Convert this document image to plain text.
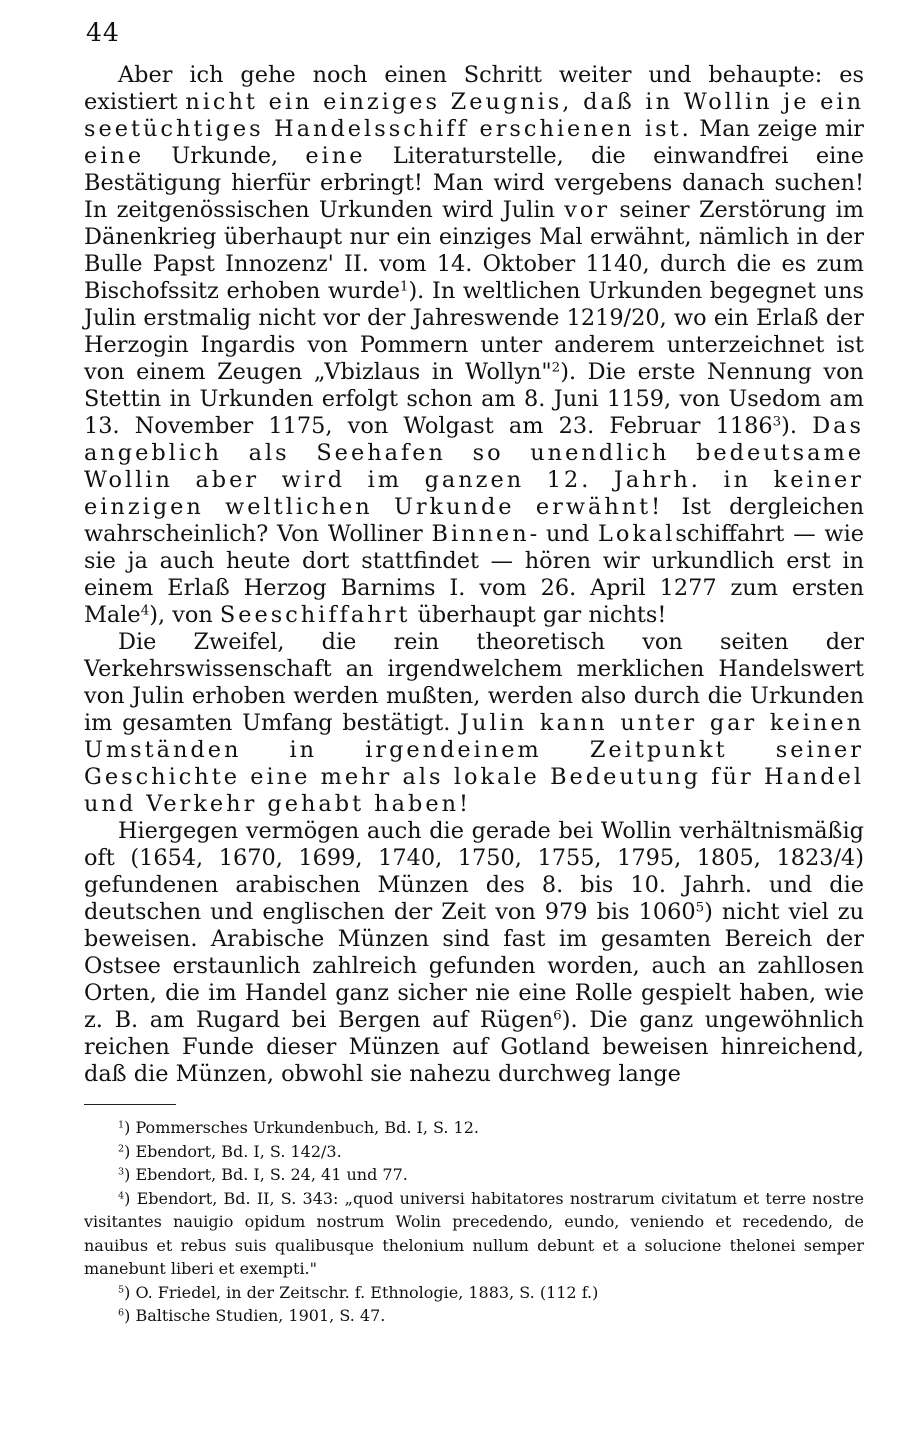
44

Aber ich gehe noch einen Schritt weiter und behaupte: es existiert nicht ein einziges Zeugnis, daß in Wollin je ein seetüchtiges Handelsschiff erschienen ist. Man zeige mir eine Urkunde, eine Literaturstelle, die einwandfrei eine Bestätigung hierfür erbringt! Man wird vergebens danach suchen! In zeitgenössischen Urkunden wird Julin vor seiner Zerstörung im Dänenkrieg überhaupt nur ein einziges Mal erwähnt, nämlich in der Bulle Papst Innozenz' II. vom 14. Oktober 1140, durch die es zum Bischofssitz erhoben wurde$^1$). In weltlichen Urkunden begegnet uns Julin erstmalig nicht vor der Jahreswende 1219/20, wo ein Erlaß der Herzogin Ingardis von Pommern unter anderem unterzeichnet ist von einem Zeugen „Vbizlaus in Wollyn"$^2$). Die erste Nennung von Stettin in Urkunden erfolgt schon am 8. Juni 1159, von Usedom am 13. November 1175, von Wolgast am 23. Februar 1186$^3$). Das angeblich als Seehafen so unendlich bedeutsame Wollin aber wird im ganzen 12. Jahrh. in keiner einzigen weltlichen Urkunde erwähnt! Ist dergleichen wahrscheinlich? Von Wolliner Binnen- und Lokalschiffahrt — wie sie ja auch heute dort stattfindet — hören wir urkundlich erst in einem Erlaß Herzog Barnims I. vom 26. April 1277 zum ersten Male$^4$), von Seeschiffahrt überhaupt gar nichts!

Die Zweifel, die rein theoretisch von seiten der Verkehrswissenschaft an irgendwelchem merklichen Handelswert von Julin erhoben werden mußten, werden also durch die Urkunden im gesamten Umfang bestätigt. Julin kann unter gar keinen Umständen in irgendeinem Zeitpunkt seiner Geschichte eine mehr als lokale Bedeutung für Handel und Verkehr gehabt haben!

Hiergegen vermögen auch die gerade bei Wollin verhältnismäßig oft (1654, 1670, 1699, 1740, 1750, 1755, 1795, 1805, 1823/4) gefundenen arabischen Münzen des 8. bis 10. Jahrh. und die deutschen und englischen der Zeit von 979 bis 1060$^5$) nicht viel zu beweisen. Arabische Münzen sind fast im gesamten Bereich der Ostsee erstaunlich zahlreich gefunden worden, auch an zahllosen Orten, die im Handel ganz sicher nie eine Rolle gespielt haben, wie z. B. am Rugard bei Bergen auf Rügen$^6$). Die ganz ungewöhnlich reichen Funde dieser Münzen auf Gotland beweisen hinreichend, daß die Münzen, obwohl sie nahezu durchweg lange

$^1$) Pommersches Urkundenbuch, Bd. I, S. 12.

$^2$) Ebendort, Bd. I, S. 142/3.

$^3$) Ebendort, Bd. I, S. 24, 41 und 77.

$^4$) Ebendort, Bd. II, S. 343: „quod universi habitatores nostrarum civitatum et terre nostre visitantes nauigio opidum nostrum Wolin precedendo, eundo, veniendo et recedendo, de nauibus et rebus suis qualibusque thelonium nullum debunt et a solucione thelonei semper manebunt liberi et exempti."

$^5$) O. Friedel, in der Zeitschr. f. Ethnologie, 1883, S. (112 f.)

$^6$) Baltische Studien, 1901, S. 47.
